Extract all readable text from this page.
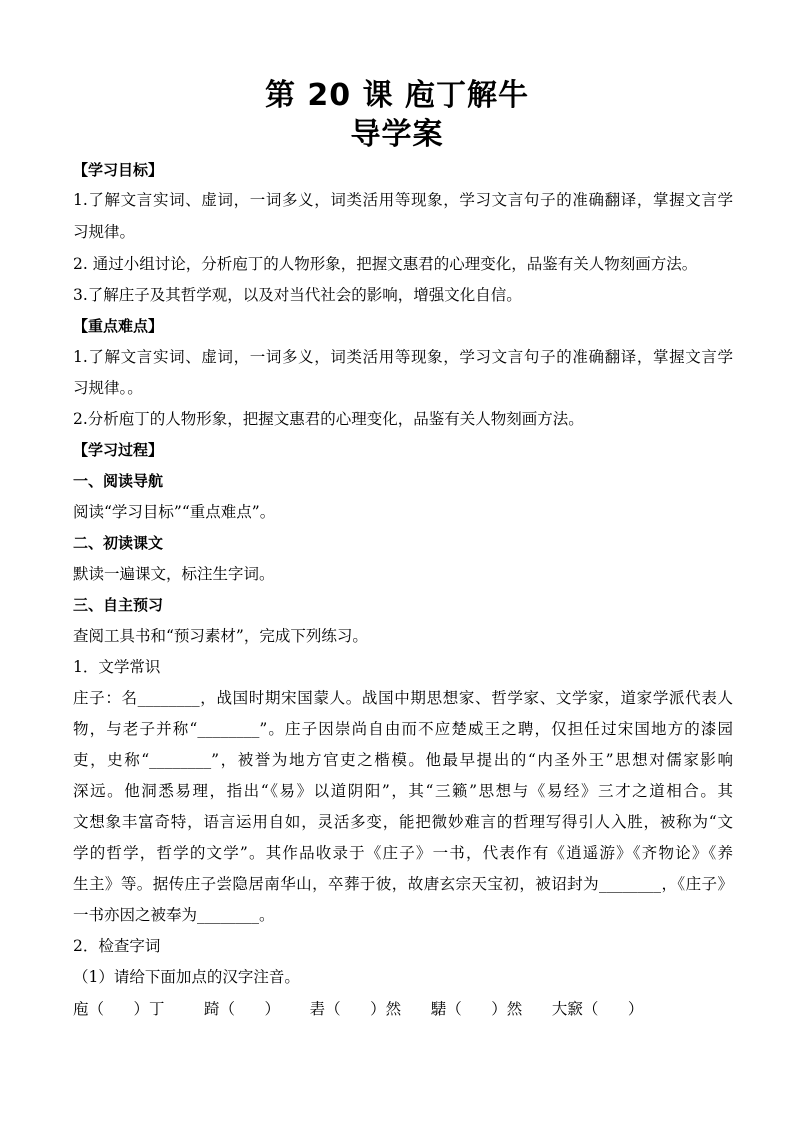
第 20 课 庖丁解牛
导学案
【学习目标】
1.了解文言实词、虚词，一词多义，词类活用等现象，学习文言句子的准确翻译，掌握文言学
习规律。
2. 通过小组讨论，分析庖丁的人物形象，把握文惠君的心理变化，品鉴有关人物刻画方法。
3.了解庄子及其哲学观，以及对当代社会的影响，增强文化自信。
【重点难点】
1.了解文言实词、虚词，一词多义，词类活用等现象，学习文言句子的准确翻译，掌握文言学
习规律。。
2.分析庖丁的人物形象，把握文惠君的心理变化，品鉴有关人物刻画方法。
【学习过程】
一、阅读导航
阅读“学习目标”“重点难点”。
二、初读课文
默读一遍课文，标注生字词。
三、自主预习
查阅工具书和“预习素材”，完成下列练习。
1．文学常识
庄子：名________，战国时期宋国蒙人。战国中期思想家、哲学家、文学家，道家学派代表人
物，与老子并称“________”。庄子因崇尚自由而不应楚威王之聘，仅担任过宋国地方的漆园
吏，史称“________”，被誉为地方官吏之楷模。他最早提出的“内圣外王”思想对儒家影响
深远。他洞悉易理，指出“《易》以道阴阳”，其“三籁”思想与《易经》三才之道相合。其
文想象丰富奇特，语言运用自如，灵活多变，能把微妙难言的哲理写得引人入胜，被称为“文
学的哲学，哲学的文学”。其作品收录于《庄子》一书，代表作有《逍遥游》《齐物论》《养
生主》等。据传庄子尝隐居南华山，卒葬于彼，故唐玄宗天宝初，被诏封为________，《庄子》
一书亦因之被奉为________。
2．检查字词
（1）请给下面加点的汉字注音。
庖（      ）丁        踦（      ）      砉（      ）然      騞（      ）然      大窾（      ）
